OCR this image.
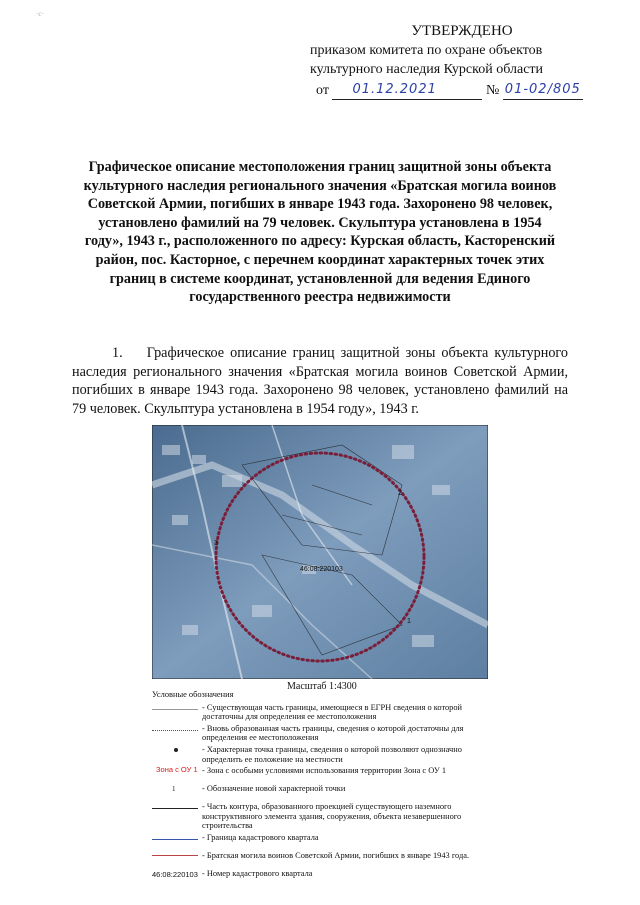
·c·
УТВЕРЖДЕНО
приказом комитета по охране объектов
культурного наследия Курской области
от 01.12.2021	№ 01-02/805
Графическое описание местоположения границ защитной зоны объекта культурного наследия регионального значения «Братская могила воинов Советской Армии, погибших в январе 1943 года. Захоронено 98 человек, установлено фамилий на 79 человек. Скульптура установлена в 1954 году», 1943 г., расположенного по адресу: Курская область, Касторенский район, пос. Касторное, с перечнем координат характерных точек этих границ в системе координат, установленной для ведения Единого государственного реестра недвижимости
1. Графическое описание границ защитной зоны объекта культурного наследия регионального значения «Братская могила воинов Советской Армии, погибших в январе 1943 года. Захоронено 98 человек, установлено фамилий на 79 человек. Скульптура установлена в 1954 году», 1943 г.
46:08:220103
1
2
3
Масштаб 1:4300
Условные обозначения
- Существующая часть границы, имеющиеся в ЕГРН сведения о которой достаточны для определения ее местоположения
- Вновь образованная часть границы, сведения о которой достаточны для определения ее местоположения
- Характерная точка границы, сведения о которой позволяют однозначно определить ее положение на местности
Зона с ОУ 1 - Зона с особыми условиями использования территории Зона с ОУ 1
1	- Обозначение новой характерной точки
- Часть контура, образованного проекцией существующего наземного конструктивного элемента здания, сооружения, объекта незавершенного строительства
- Граница кадастрового квартала
- Братская могила воинов Советской Армии, погибших в январе 1943 года.
46:08:220103 - Номер кадастрового квартала
